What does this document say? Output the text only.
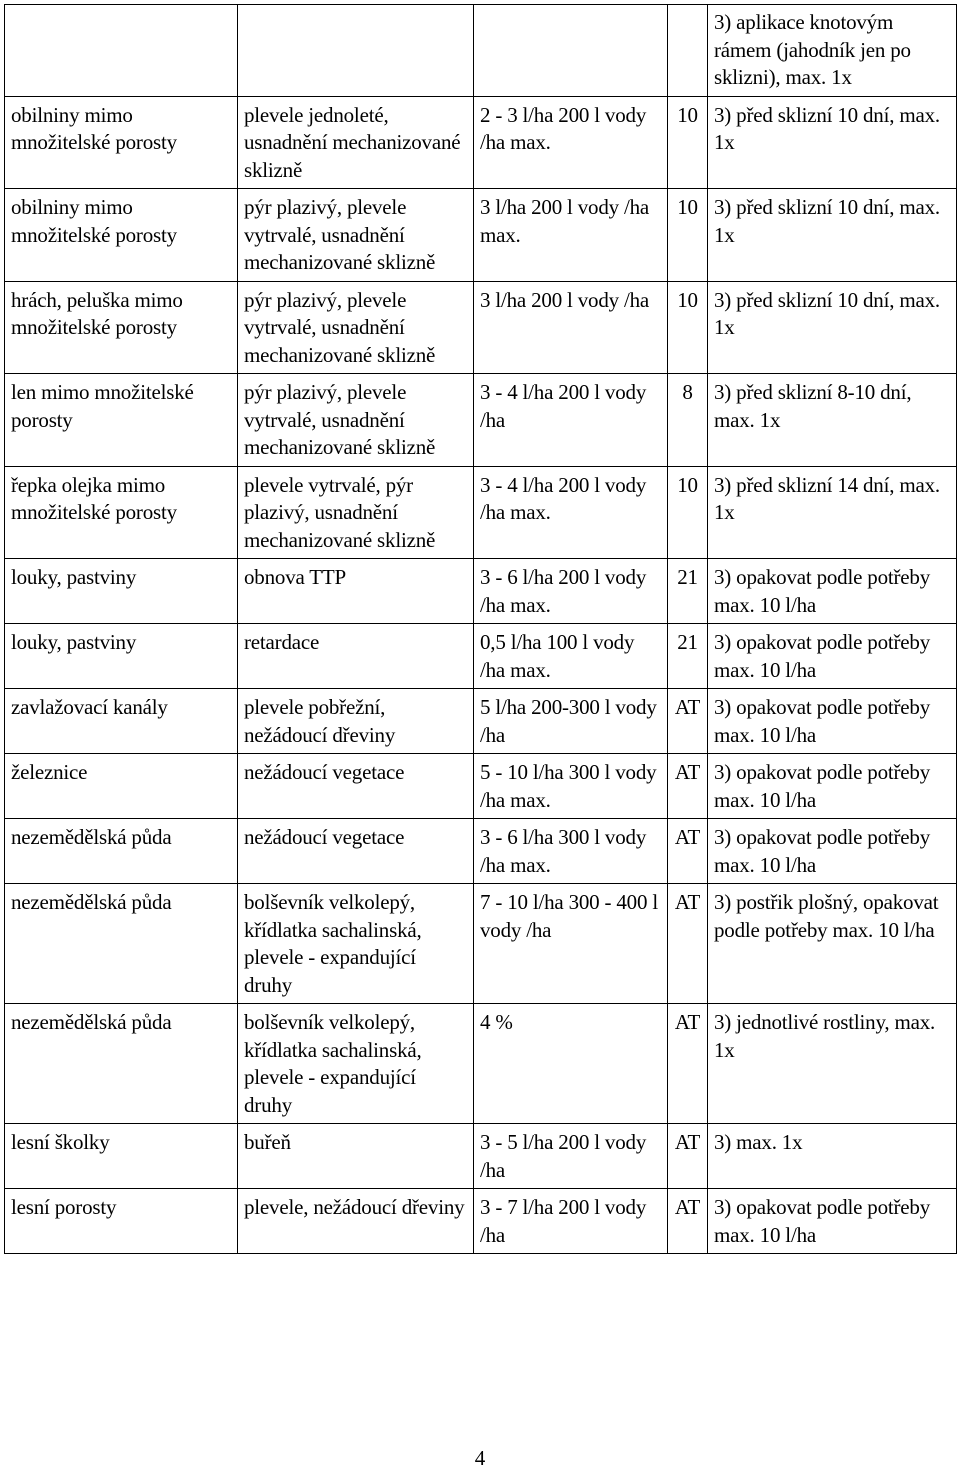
				3) aplikace knotovým rámem (jahodník jen po sklizni), max. 1x
obilniny mimo množitelské porosty	plevele jednoleté, usnadnění mechanizované sklizně	2 - 3 l/ha 200 l vody /ha max.	10	3) před sklizní 10 dní, max. 1x
obilniny mimo množitelské porosty	pýr plazivý, plevele vytrvalé, usnadnění mechanizované sklizně	3 l/ha 200 l vody /ha max.	10	3) před sklizní 10 dní, max. 1x
hrách, peluška mimo množitelské porosty	pýr plazivý, plevele vytrvalé, usnadnění mechanizované sklizně	3 l/ha 200 l vody /ha	10	3) před sklizní 10 dní, max. 1x
len mimo množitelské porosty	pýr plazivý, plevele vytrvalé, usnadnění mechanizované sklizně	3 - 4 l/ha 200 l vody /ha	8	3) před sklizní 8-10 dní, max. 1x
řepka olejka mimo množitelské porosty	plevele vytrvalé, pýr plazivý, usnadnění mechanizované sklizně	3 - 4 l/ha 200 l vody /ha max.	10	3) před sklizní 14 dní, max. 1x
louky, pastviny	obnova TTP	3 - 6 l/ha 200 l vody /ha max.	21	3) opakovat podle potřeby max. 10 l/ha
louky, pastviny	retardace	0,5 l/ha 100 l vody /ha max.	21	3) opakovat podle potřeby max. 10 l/ha
zavlažovací kanály	plevele pobřežní, nežádoucí dřeviny	5 l/ha 200-300 l vody /ha	AT	3) opakovat podle potřeby max. 10 l/ha
železnice	nežádoucí vegetace	5 - 10 l/ha 300 l vody /ha max.	AT	3) opakovat podle potřeby max. 10 l/ha
nezemědělská půda	nežádoucí vegetace	3 - 6 l/ha 300 l vody /ha max.	AT	3) opakovat podle potřeby max. 10 l/ha
nezemědělská půda	bolševník velkolepý, křídlatka sachalinská, plevele - expandující druhy	7 - 10 l/ha 300 - 400 l vody /ha	AT	3) postřik plošný, opakovat podle potřeby max. 10 l/ha
nezemědělská půda	bolševník velkolepý, křídlatka sachalinská, plevele - expandující druhy	4 %	AT	3) jednotlivé rostliny, max. 1x
lesní školky	buřeň	3 - 5 l/ha 200 l vody /ha	AT	3) max. 1x
lesní porosty	plevele, nežádoucí dřeviny	3 - 7 l/ha 200 l vody /ha	AT	3) opakovat podle potřeby max. 10 l/ha
4
